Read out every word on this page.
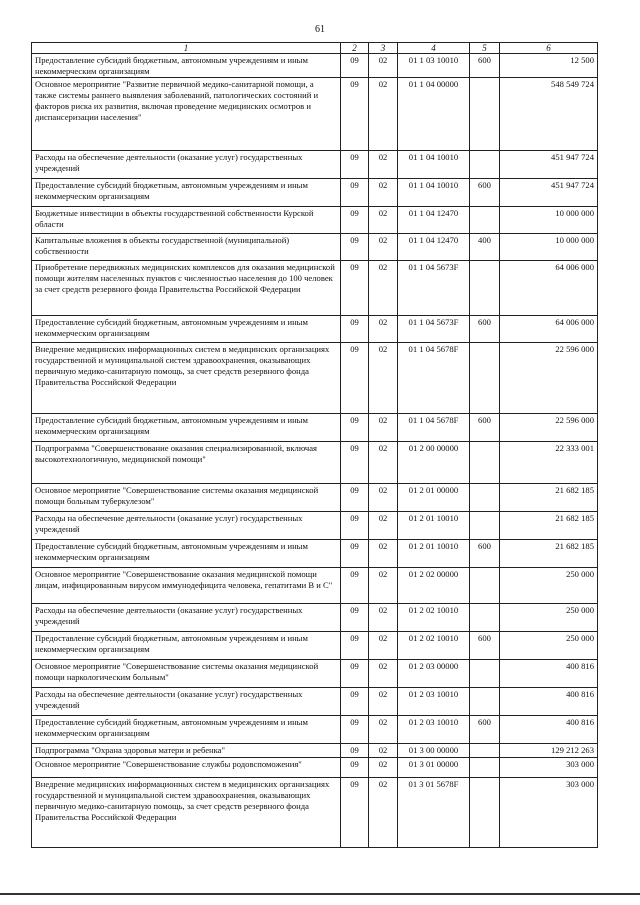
61
1	2	3	4	5	6
Предоставление субсидий бюджетным, автономным учреждениям и иным некоммерческим организациям	09	02	01 1 03 10010	600	12 500
Основное мероприятие "Развитие первичной медико-санитарной помощи, а также системы раннего выявления заболеваний, патологических состояний и факторов риска их развития, включая проведение медицинских осмотров и диспансеризации населения"	09	02	01 1 04 00000		548 549 724
Расходы на обеспечение деятельности (оказание услуг) государственных учреждений	09	02	01 1 04 10010		451 947 724
Предоставление субсидий бюджетным, автономным учреждениям и иным некоммерческим организациям	09	02	01 1 04 10010	600	451 947 724
Бюджетные инвестиции в объекты государственной собственности Курской области	09	02	01 1 04 12470		10 000 000
Капитальные вложения в объекты государственной (муниципальной) собственности	09	02	01 1 04 12470	400	10 000 000
Приобретение передвижных медицинских комплексов для оказания медицинской помощи жителям населенных пунктов с численностью населения до 100 человек за счет средств резервного фонда Правительства Российской Федерации	09	02	01 1 04 5673F		64 006 000
Предоставление субсидий бюджетным, автономным учреждениям и иным некоммерческим организациям	09	02	01 1 04 5673F	600	64 006 000
Внедрение медицинских информационных систем в медицинских организациях государственной и муниципальной систем здравоохранения, оказывающих первичную медико-санитарную помощь, за счет средств резервного фонда Правительства Российской Федерации	09	02	01 1 04 5678F		22 596 000
Предоставление субсидий бюджетным, автономным учреждениям и иным некоммерческим организациям	09	02	01 1 04 5678F	600	22 596 000
Подпрограмма "Совершенствование оказания специализированной, включая высокотехнологичную, медицинской помощи"	09	02	01 2 00 00000		22 333 001
Основное мероприятие "Совершенствование системы оказания медицинской помощи больным туберкулезом"	09	02	01 2 01 00000		21 682 185
Расходы на обеспечение деятельности (оказание услуг) государственных учреждений	09	02	01 2 01 10010		21 682 185
Предоставление субсидий бюджетным, автономным учреждениям и иным некоммерческим организациям	09	02	01 2 01 10010	600	21 682 185
Основное мероприятие "Совершенствование оказания медицинской помощи лицам, инфицированным вирусом иммунодефицита человека, гепатитами В и С"	09	02	01 2 02 00000		250 000
Расходы на обеспечение деятельности (оказание услуг) государственных учреждений	09	02	01 2 02 10010		250 000
Предоставление субсидий бюджетным, автономным учреждениям и иным некоммерческим организациям	09	02	01 2 02 10010	600	250 000
Основное мероприятие "Совершенствование системы оказания медицинской помощи наркологическим больным"	09	02	01 2 03 00000		400 816
Расходы на обеспечение деятельности (оказание услуг) государственных учреждений	09	02	01 2 03 10010		400 816
Предоставление субсидий бюджетным, автономным учреждениям и иным некоммерческим организациям	09	02	01 2 03 10010	600	400 816
Подпрограмма "Охрана здоровья матери и ребенка"	09	02	01 3 00 00000		129 212 263
Основное мероприятие "Совершенствование службы родовспоможения"	09	02	01 3 01 00000		303 000
Внедрение медицинских информационных систем в медицинских организациях государственной и муниципальной систем здравоохранения, оказывающих первичную медико-санитарную помощь, за счет средств резервного фонда Правительства Российской Федерации	09	02	01 3 01 5678F		303 000
